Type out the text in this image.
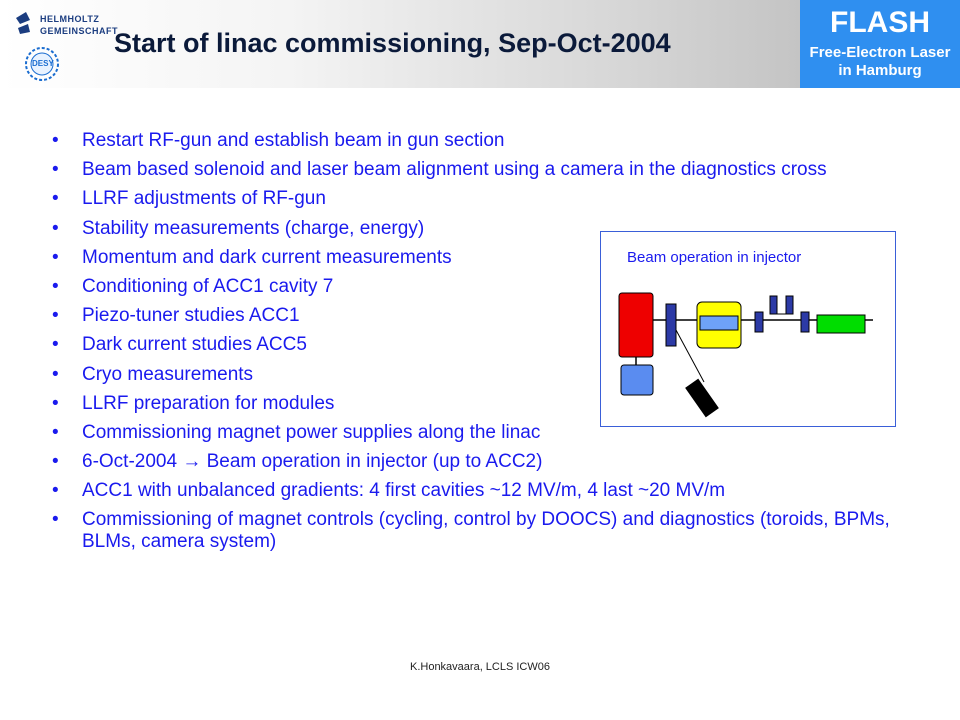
HELMHOLTZ
GEMEINSCHAFT
DESY
Start of linac commissioning, Sep-Oct-2004
FLASH
Free-Electron Laser
in Hamburg
• Restart RF-gun and establish beam in gun section
• Beam based solenoid and laser beam alignment using a camera in the diagnostics cross
• LLRF adjustments of RF-gun
• Stability measurements (charge, energy)
• Momentum and dark current measurements
• Conditioning of ACC1 cavity 7
• Piezo-tuner studies ACC1
• Dark current studies ACC5
• Cryo measurements
• LLRF preparation for modules
• Commissioning magnet power supplies along the linac
• 6-Oct-2004 → Beam operation in injector (up to ACC2)
• ACC1 with unbalanced gradients: 4 first cavities ~12 MV/m, 4 last ~20 MV/m
• Commissioning of magnet controls (cycling, control by DOOCS) and diagnostics (toroids, BPMs, BLMs, camera system)
Beam operation in injector
K.Honkavaara, LCLS ICW06
